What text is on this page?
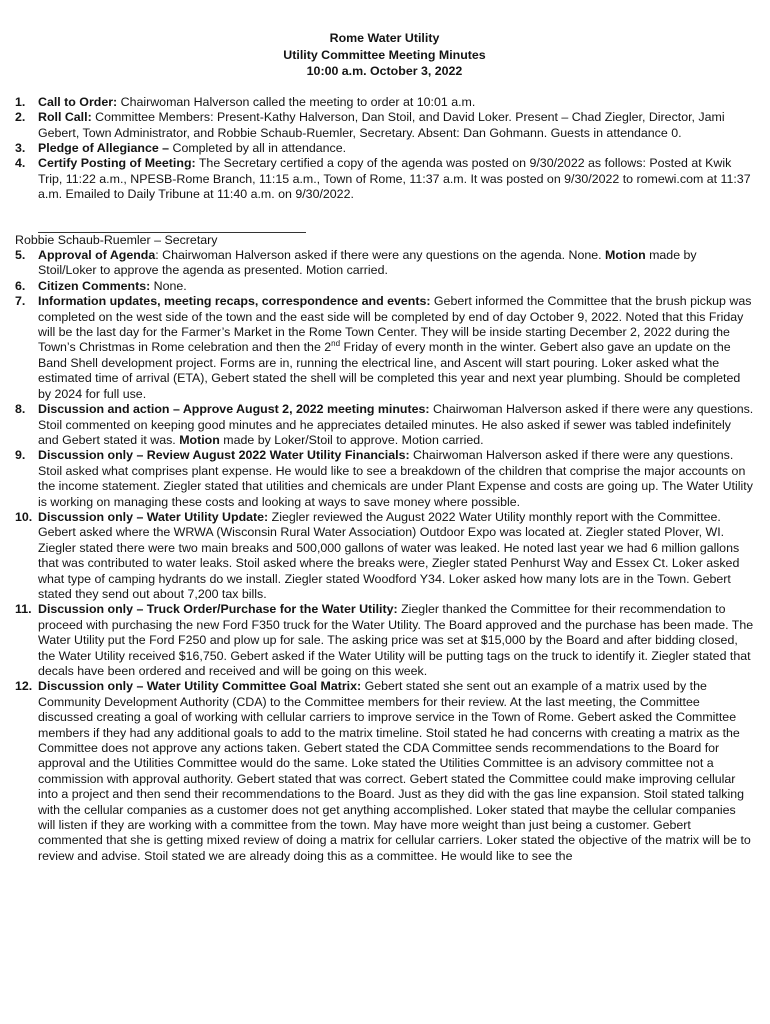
Rome Water Utility
Utility Committee Meeting Minutes
10:00 a.m. October 3, 2022
1. Call to Order: Chairwoman Halverson called the meeting to order at 10:01 a.m.
2. Roll Call: Committee Members: Present-Kathy Halverson, Dan Stoil, and David Loker. Present – Chad Ziegler, Director, Jami Gebert, Town Administrator, and Robbie Schaub-Ruemler, Secretary. Absent: Dan Gohmann. Guests in attendance 0.
3. Pledge of Allegiance – Completed by all in attendance.
4. Certify Posting of Meeting: The Secretary certified a copy of the agenda was posted on 9/30/2022 as follows: Posted at Kwik Trip, 11:22 a.m., NPESB-Rome Branch, 11:15 a.m., Town of Rome, 11:37 a.m. It was posted on 9/30/2022 to romewi.com at 11:37 a.m. Emailed to Daily Tribune at 11:40 a.m. on 9/30/2022.
Robbie Schaub-Ruemler – Secretary
5. Approval of Agenda: Chairwoman Halverson asked if there were any questions on the agenda. None. Motion made by Stoil/Loker to approve the agenda as presented. Motion carried.
6. Citizen Comments: None.
7. Information updates, meeting recaps, correspondence and events: Gebert informed the Committee that the brush pickup was completed on the west side of the town and the east side will be completed by end of day October 9, 2022. Noted that this Friday will be the last day for the Farmer’s Market in the Rome Town Center. They will be inside starting December 2, 2022 during the Town’s Christmas in Rome celebration and then the 2nd Friday of every month in the winter. Gebert also gave an update on the Band Shell development project. Forms are in, running the electrical line, and Ascent will start pouring. Loker asked what the estimated time of arrival (ETA), Gebert stated the shell will be completed this year and next year plumbing. Should be completed by 2024 for full use.
8. Discussion and action – Approve August 2, 2022 meeting minutes: Chairwoman Halverson asked if there were any questions. Stoil commented on keeping good minutes and he appreciates detailed minutes. He also asked if sewer was tabled indefinitely and Gebert stated it was. Motion made by Loker/Stoil to approve. Motion carried.
9. Discussion only – Review August 2022 Water Utility Financials: Chairwoman Halverson asked if there were any questions. Stoil asked what comprises plant expense. He would like to see a breakdown of the children that comprise the major accounts on the income statement. Ziegler stated that utilities and chemicals are under Plant Expense and costs are going up. The Water Utility is working on managing these costs and looking at ways to save money where possible.
10. Discussion only – Water Utility Update: Ziegler reviewed the August 2022 Water Utility monthly report with the Committee. Gebert asked where the WRWA (Wisconsin Rural Water Association) Outdoor Expo was located at. Ziegler stated Plover, WI. Ziegler stated there were two main breaks and 500,000 gallons of water was leaked. He noted last year we had 6 million gallons that was contributed to water leaks. Stoil asked where the breaks were, Ziegler stated Penhurst Way and Essex Ct. Loker asked what type of camping hydrants do we install. Ziegler stated Woodford Y34. Loker asked how many lots are in the Town. Gebert stated they send out about 7,200 tax bills.
11. Discussion only – Truck Order/Purchase for the Water Utility: Ziegler thanked the Committee for their recommendation to proceed with purchasing the new Ford F350 truck for the Water Utility. The Board approved and the purchase has been made. The Water Utility put the Ford F250 and plow up for sale. The asking price was set at $15,000 by the Board and after bidding closed, the Water Utility received $16,750. Gebert asked if the Water Utility will be putting tags on the truck to identify it. Ziegler stated that decals have been ordered and received and will be going on this week.
12. Discussion only – Water Utility Committee Goal Matrix: Gebert stated she sent out an example of a matrix used by the Community Development Authority (CDA) to the Committee members for their review. At the last meeting, the Committee discussed creating a goal of working with cellular carriers to improve service in the Town of Rome. Gebert asked the Committee members if they had any additional goals to add to the matrix timeline. Stoil stated he had concerns with creating a matrix as the Committee does not approve any actions taken. Gebert stated the CDA Committee sends recommendations to the Board for approval and the Utilities Committee would do the same. Loke stated the Utilities Committee is an advisory committee not a commission with approval authority. Gebert stated that was correct. Gebert stated the Committee could make improving cellular into a project and then send their recommendations to the Board. Just as they did with the gas line expansion. Stoil stated talking with the cellular companies as a customer does not get anything accomplished. Loker stated that maybe the cellular companies will listen if they are working with a committee from the town. May have more weight than just being a customer. Gebert commented that she is getting mixed review of doing a matrix for cellular carriers. Loker stated the objective of the matrix will be to review and advise. Stoil stated we are already doing this as a committee. He would like to see the
